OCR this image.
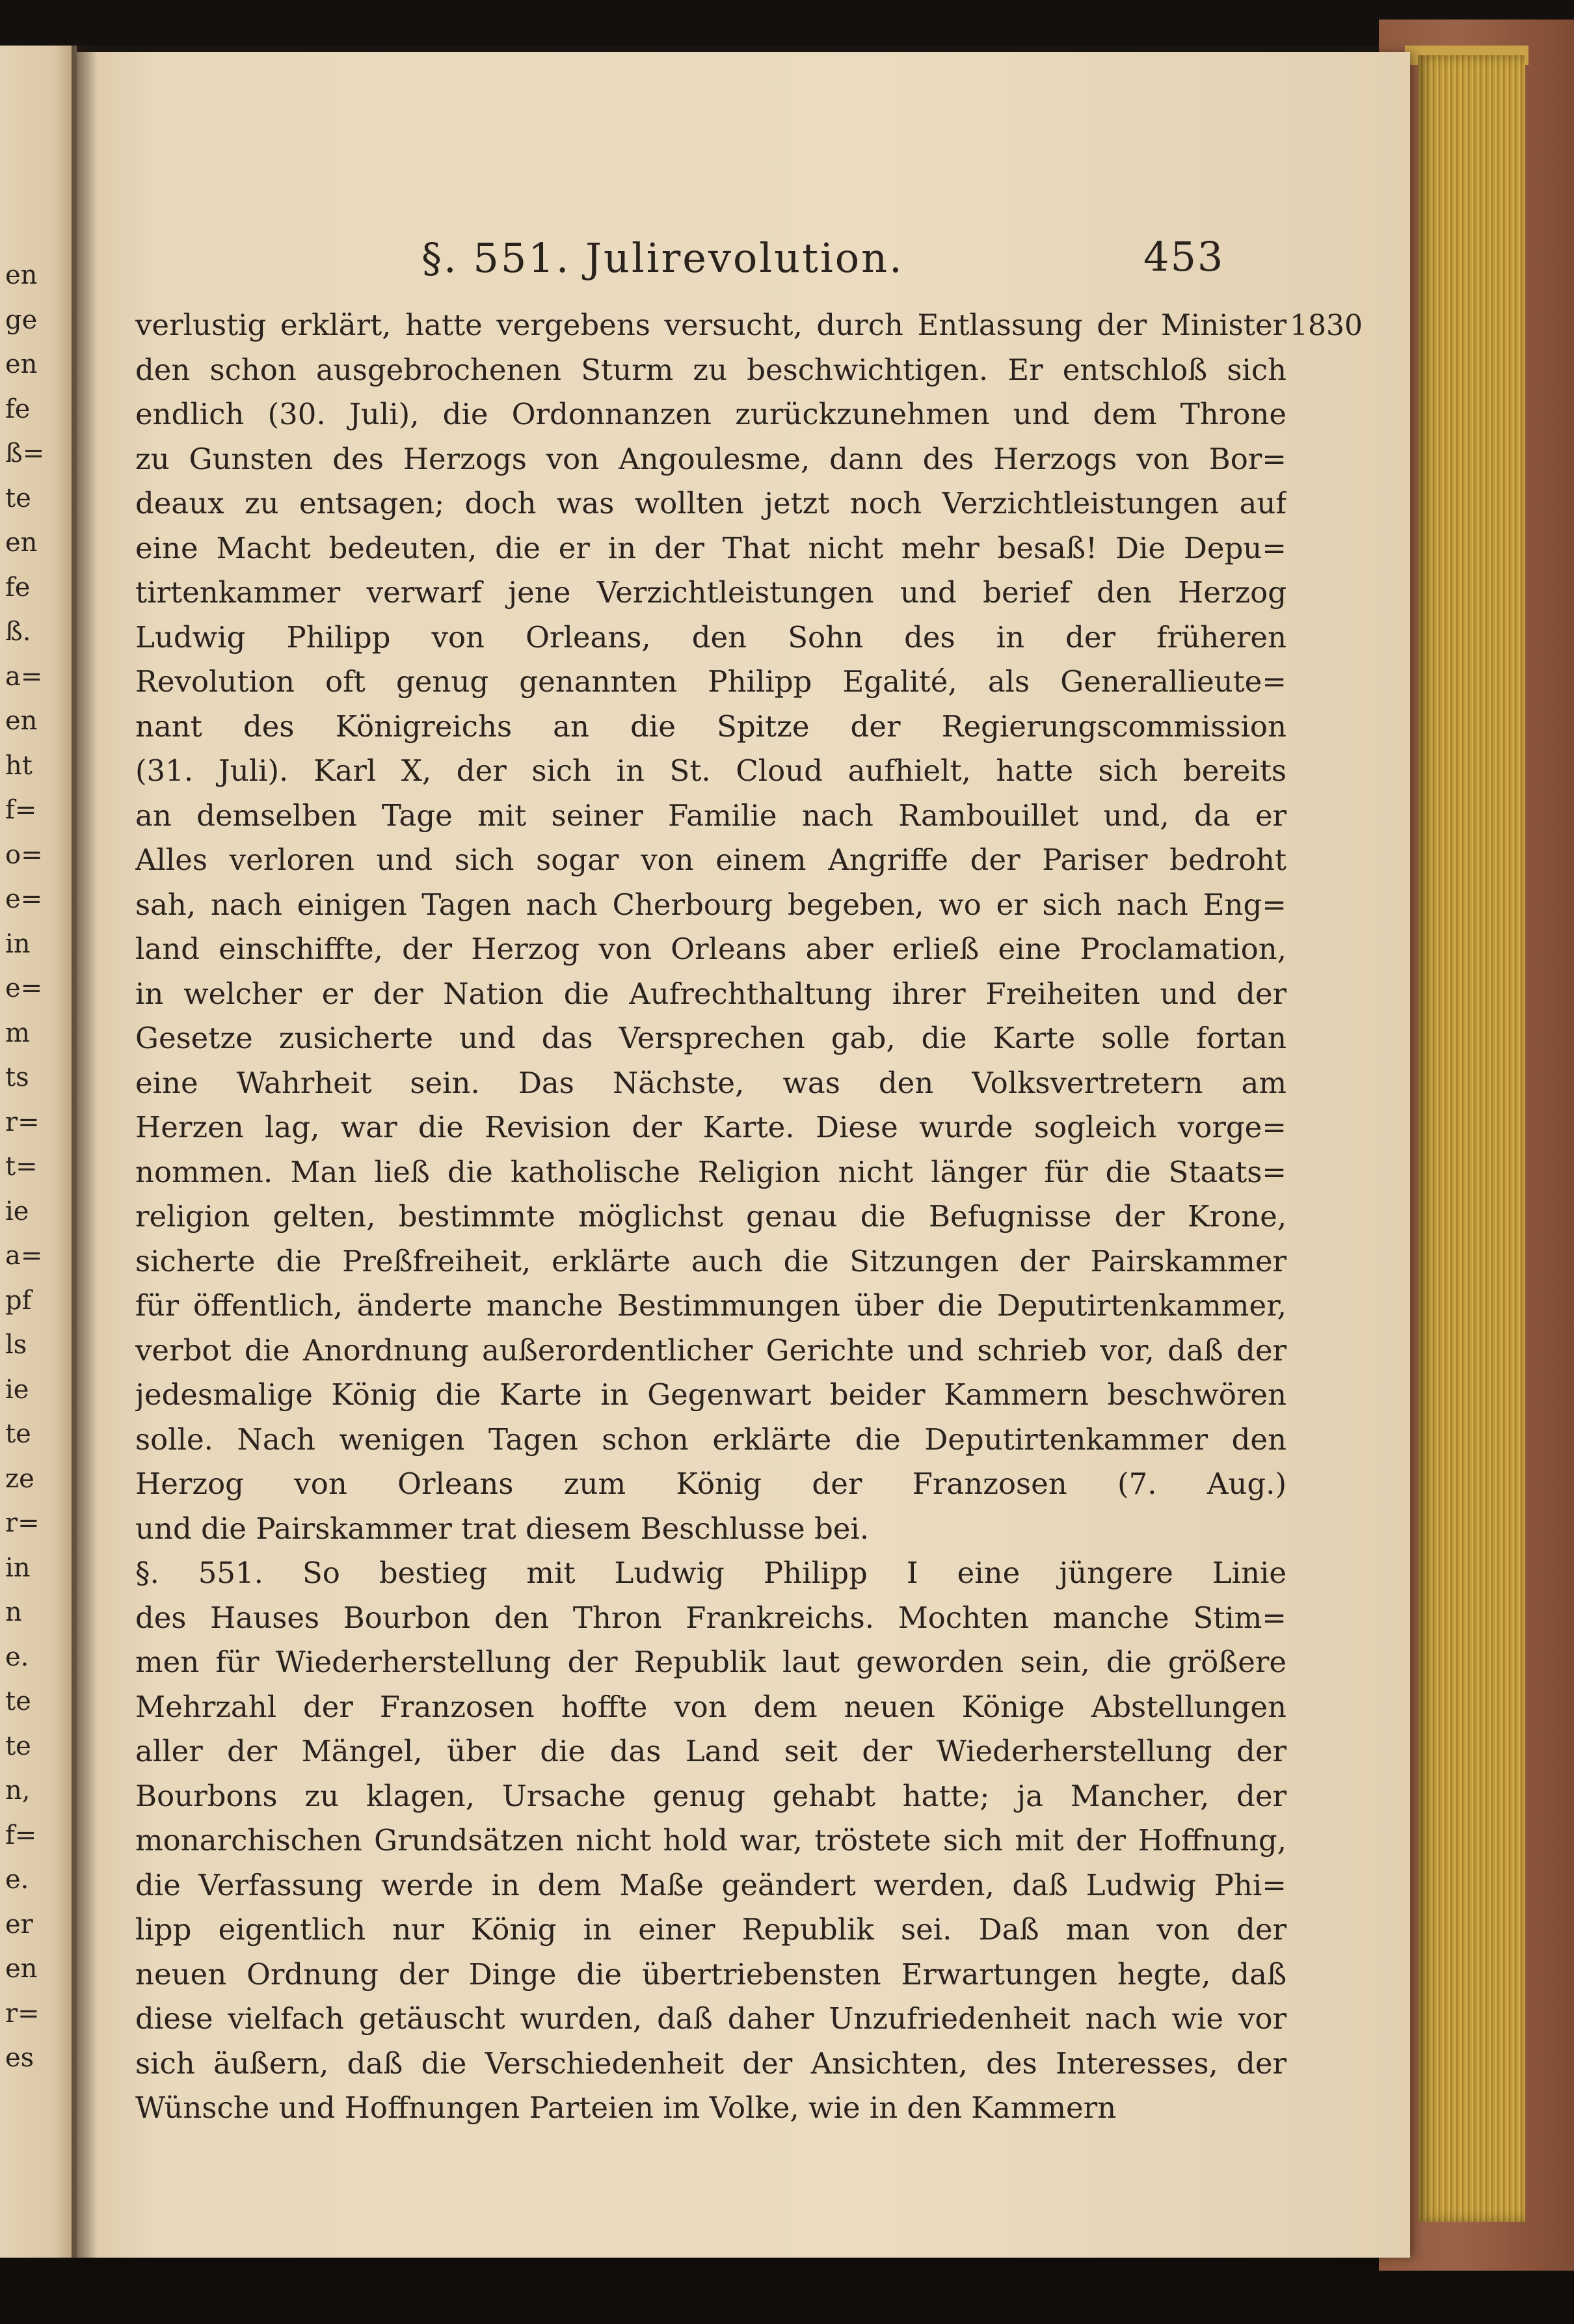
en
ge
en
fe
ß=
te
en
fe
ß.
a=
en
ht
f=
o=
e=
in
e=
m
ts
r=
t=
ie
a=
pf
ls
ie
te
ze
r=
in
n
e.
te
te
n,
f=
e.
er
en
r=
es
§. 551. Julirevolution.	453
1830
verlustig erklärt, hatte vergebens versucht, durch Entlassung der Minister
den schon ausgebrochenen Sturm zu beschwichtigen. Er entschloß sich
endlich (30. Juli), die Ordonnanzen zurückzunehmen und dem Throne
zu Gunsten des Herzogs von Angoulesme, dann des Herzogs von Bor=
deaux zu entsagen; doch was wollten jetzt noch Verzichtleistungen auf
eine Macht bedeuten, die er in der That nicht mehr besaß! Die Depu=
tirtenkammer verwarf jene Verzichtleistungen und berief den Herzog
Ludwig Philipp von Orleans, den Sohn des in der früheren
Revolution oft genug genannten Philipp Egalité, als Generallieute=
nant des Königreichs an die Spitze der Regierungscommission
(31. Juli). Karl X, der sich in St. Cloud aufhielt, hatte sich bereits
an demselben Tage mit seiner Familie nach Rambouillet und, da er
Alles verloren und sich sogar von einem Angriffe der Pariser bedroht
sah, nach einigen Tagen nach Cherbourg begeben, wo er sich nach Eng=
land einschiffte, der Herzog von Orleans aber erließ eine Proclamation,
in welcher er der Nation die Aufrechthaltung ihrer Freiheiten und der
Gesetze zusicherte und das Versprechen gab, die Karte solle fortan
eine Wahrheit sein. Das Nächste, was den Volksvertretern am
Herzen lag, war die Revision der Karte. Diese wurde sogleich vorge=
nommen. Man ließ die katholische Religion nicht länger für die Staats=
religion gelten, bestimmte möglichst genau die Befugnisse der Krone,
sicherte die Preßfreiheit, erklärte auch die Sitzungen der Pairskammer
für öffentlich, änderte manche Bestimmungen über die Deputirtenkammer,
verbot die Anordnung außerordentlicher Gerichte und schrieb vor, daß der
jedesmalige König die Karte in Gegenwart beider Kammern beschwören
solle. Nach wenigen Tagen schon erklärte die Deputirtenkammer den
Herzog von Orleans zum König der Franzosen (7. Aug.)
und die Pairskammer trat diesem Beschlusse bei.
§. 551. So bestieg mit Ludwig Philipp I eine jüngere Linie
des Hauses Bourbon den Thron Frankreichs. Mochten manche Stim=
men für Wiederherstellung der Republik laut geworden sein, die größere
Mehrzahl der Franzosen hoffte von dem neuen Könige Abstellungen
aller der Mängel, über die das Land seit der Wiederherstellung der
Bourbons zu klagen, Ursache genug gehabt hatte; ja Mancher, der
monarchischen Grundsätzen nicht hold war, tröstete sich mit der Hoffnung,
die Verfassung werde in dem Maße geändert werden, daß Ludwig Phi=
lipp eigentlich nur König in einer Republik sei. Daß man von der
neuen Ordnung der Dinge die übertriebensten Erwartungen hegte, daß
diese vielfach getäuscht wurden, daß daher Unzufriedenheit nach wie vor
sich äußern, daß die Verschiedenheit der Ansichten, des Interesses, der
Wünsche und Hoffnungen Parteien im Volke, wie in den Kammern
